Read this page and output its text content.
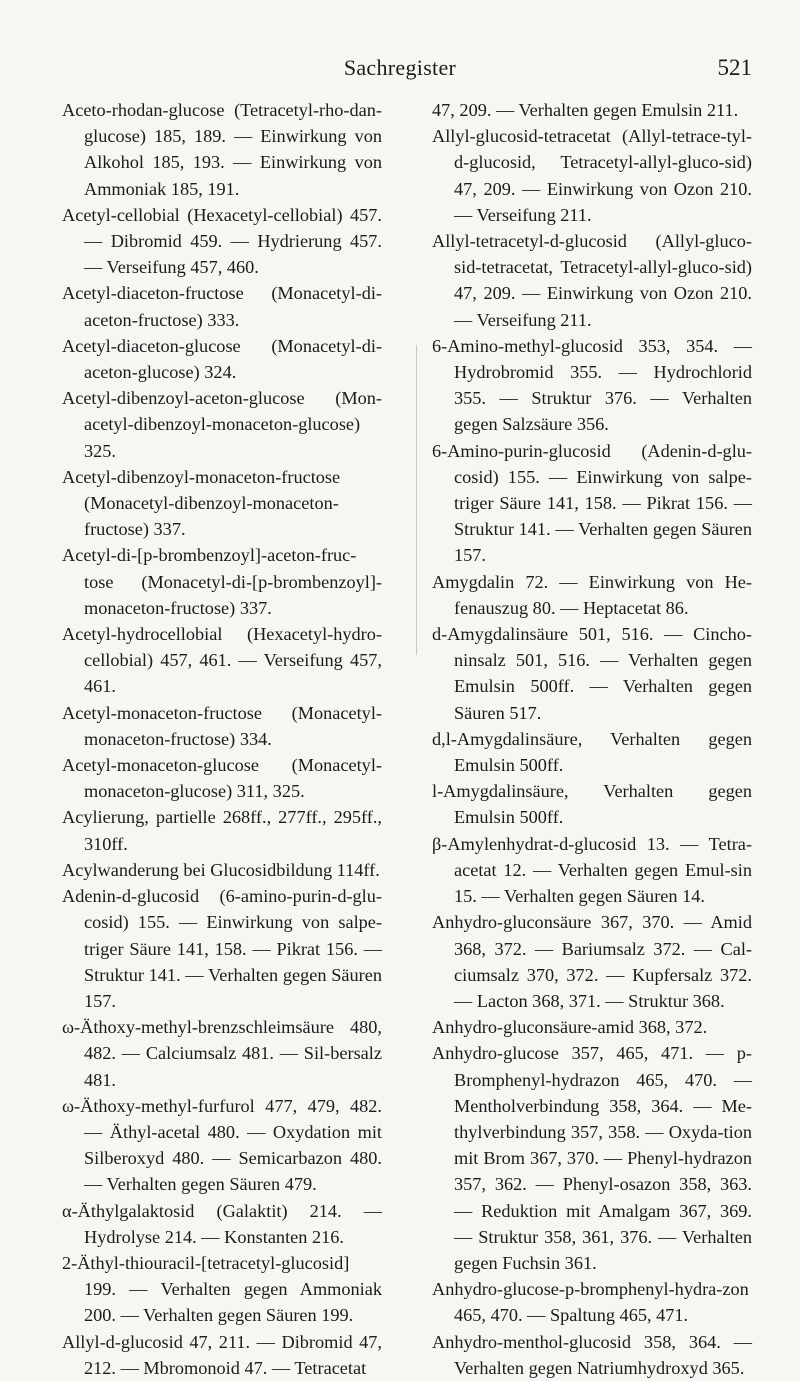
Sachregister	521

Aceto-rhodan-glucose (Tetracetyl-rho-dan-glucose) 185, 189. — Einwirkung von Alkohol 185, 193. — Einwirkung von Ammoniak 185, 191.

Acetyl-cellobial (Hexacetyl-cellobial) 457. — Dibromid 459. — Hydrierung 457. — Verseifung 457, 460.

Acetyl-diaceton-fructose (Monacetyl-di-aceton-fructose) 333.

Acetyl-diaceton-glucose (Monacetyl-di-aceton-glucose) 324.

Acetyl-dibenzoyl-aceton-glucose (Mon-acetyl-dibenzoyl-monaceton-glucose) 325.

Acetyl-dibenzoyl-monaceton-fructose (Monacetyl-dibenzoyl-monaceton-fructose) 337.

Acetyl-di-[p-brombenzoyl]-aceton-fruc-tose (Monacetyl-di-[p-brombenzoyl]-monaceton-fructose) 337.

Acetyl-hydrocellobial (Hexacetyl-hydro-cellobial) 457, 461. — Verseifung 457, 461.

Acetyl-monaceton-fructose (Monacetyl-monaceton-fructose) 334.

Acetyl-monaceton-glucose (Monacetyl-monaceton-glucose) 311, 325.

Acylierung, partielle 268ff., 277ff., 295ff., 310ff.

Acylwanderung bei Glucosidbildung 114ff.

Adenin-d-glucosid (6-amino-purin-d-glu-cosid) 155. — Einwirkung von salpe-triger Säure 141, 158. — Pikrat 156. — Struktur 141. — Verhalten gegen Säuren 157.

ω-Äthoxy-methyl-brenzschleimsäure 480, 482. — Calciumsalz 481. — Sil-bersalz 481.

ω-Äthoxy-methyl-furfurol 477, 479, 482. — Äthyl-acetal 480. — Oxydation mit Silberoxyd 480. — Semicarbazon 480. — Verhalten gegen Säuren 479.

α-Äthylgalaktosid (Galaktit) 214. — Hydrolyse 214. — Konstanten 216.

2-Äthyl-thiouracil-[tetracetyl-glucosid] 199. — Verhalten gegen Ammoniak 200. — Verhalten gegen Säuren 199.

Allyl-d-glucosid 47, 211. — Dibromid 47, 212. — Mbromonoid 47. — Tetracetat

47, 209. — Verhalten gegen Emulsin 211.

Allyl-glucosid-tetracetat (Allyl-tetrace-tyl-d-glucosid, Tetracetyl-allyl-gluco-sid) 47, 209. — Einwirkung von Ozon 210. — Verseifung 211.

Allyl-tetracetyl-d-glucosid (Allyl-gluco-sid-tetracetat, Tetracetyl-allyl-gluco-sid) 47, 209. — Einwirkung von Ozon 210. — Verseifung 211.

6-Amino-methyl-glucosid 353, 354. — Hydrobromid 355. — Hydrochlorid 355. — Struktur 376. — Verhalten gegen Salzsäure 356.

6-Amino-purin-glucosid (Adenin-d-glu-cosid) 155. — Einwirkung von salpe-triger Säure 141, 158. — Pikrat 156. — Struktur 141. — Verhalten gegen Säuren 157.

Amygdalin 72. — Einwirkung von He-fenauszug 80. — Heptacetat 86.

d-Amygdalinsäure 501, 516. — Cincho-ninsalz 501, 516. — Verhalten gegen Emulsin 500ff. — Verhalten gegen Säuren 517.

d,l-Amygdalinsäure, Verhalten gegen Emulsin 500ff.

l-Amygdalinsäure, Verhalten gegen Emulsin 500ff.

β-Amylenhydrat-d-glucosid 13. — Tetra-acetat 12. — Verhalten gegen Emul-sin 15. — Verhalten gegen Säuren 14.

Anhydro-gluconsäure 367, 370. — Amid 368, 372. — Bariumsalz 372. — Cal-ciumsalz 370, 372. — Kupfersalz 372. — Lacton 368, 371. — Struktur 368.

Anhydro-gluconsäure-amid 368, 372.

Anhydro-glucose 357, 465, 471. — p-Bromphenyl-hydrazon 465, 470. — Mentholverbindung 358, 364. — Me-thylverbindung 357, 358. — Oxyda-tion mit Brom 367, 370. — Phenyl-hydrazon 357, 362. — Phenyl-osazon 358, 363. — Reduktion mit Amalgam 367, 369. — Struktur 358, 361, 376. — Verhalten gegen Fuchsin 361.

Anhydro-glucose-p-bromphenyl-hydra-zon 465, 470. — Spaltung 465, 471.

Anhydro-menthol-glucosid 358, 364. — Verhalten gegen Natriumhydroxyd 365.
